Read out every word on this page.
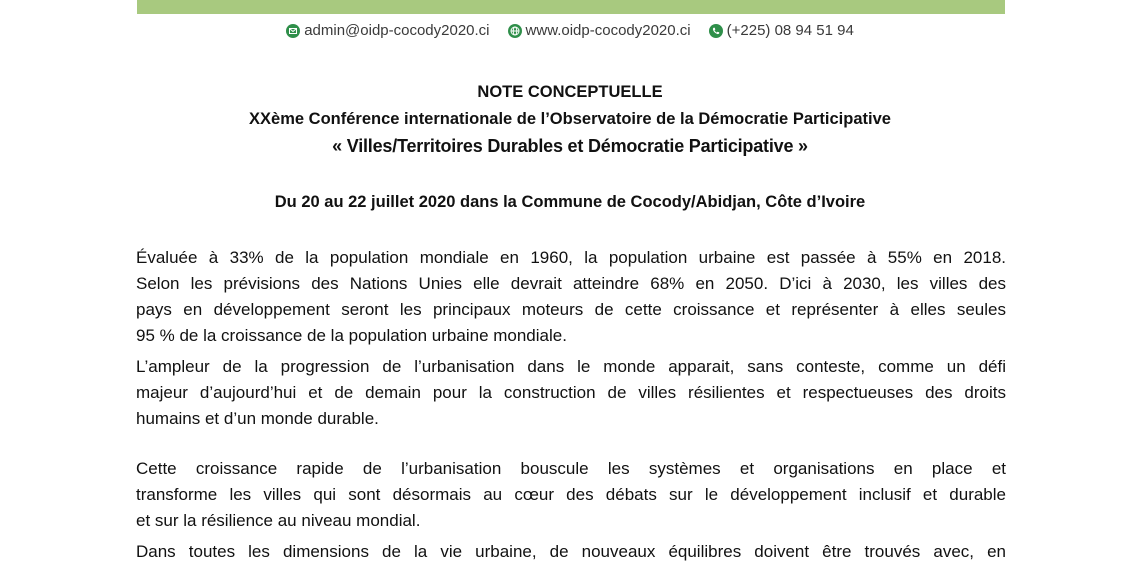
admin@oidp-cocody2020.ci www.oidp-cocody2020.ci (+225) 08 94 51 94
NOTE CONCEPTUELLE
XXème Conférence internationale de l’Observatoire de la Démocratie Participative
« Villes/Territoires Durables et Démocratie Participative »
Du 20 au 22 juillet 2020 dans la Commune de Cocody/Abidjan, Côte d’Ivoire
Évaluée à 33% de la population mondiale en 1960, la population urbaine est passée à 55% en 2018.
Selon les prévisions des Nations Unies elle devrait atteindre 68% en 2050. D’ici à 2030, les villes des
pays en développement seront les principaux moteurs de cette croissance et représenter à elles seules
95 % de la croissance de la population urbaine mondiale.
L’ampleur de la progression de l’urbanisation dans le monde apparait, sans conteste, comme un défi
majeur d’aujourd’hui et de demain pour la construction de villes résilientes et respectueuses des droits
humains et d’un monde durable.
Cette croissance rapide de l’urbanisation bouscule les systèmes et organisations en place et
transforme les villes qui sont désormais au cœur des débats sur le développement inclusif et durable
et sur la résilience au niveau mondial.
Dans toutes les dimensions de la vie urbaine, de nouveaux équilibres doivent être trouvés avec, en
